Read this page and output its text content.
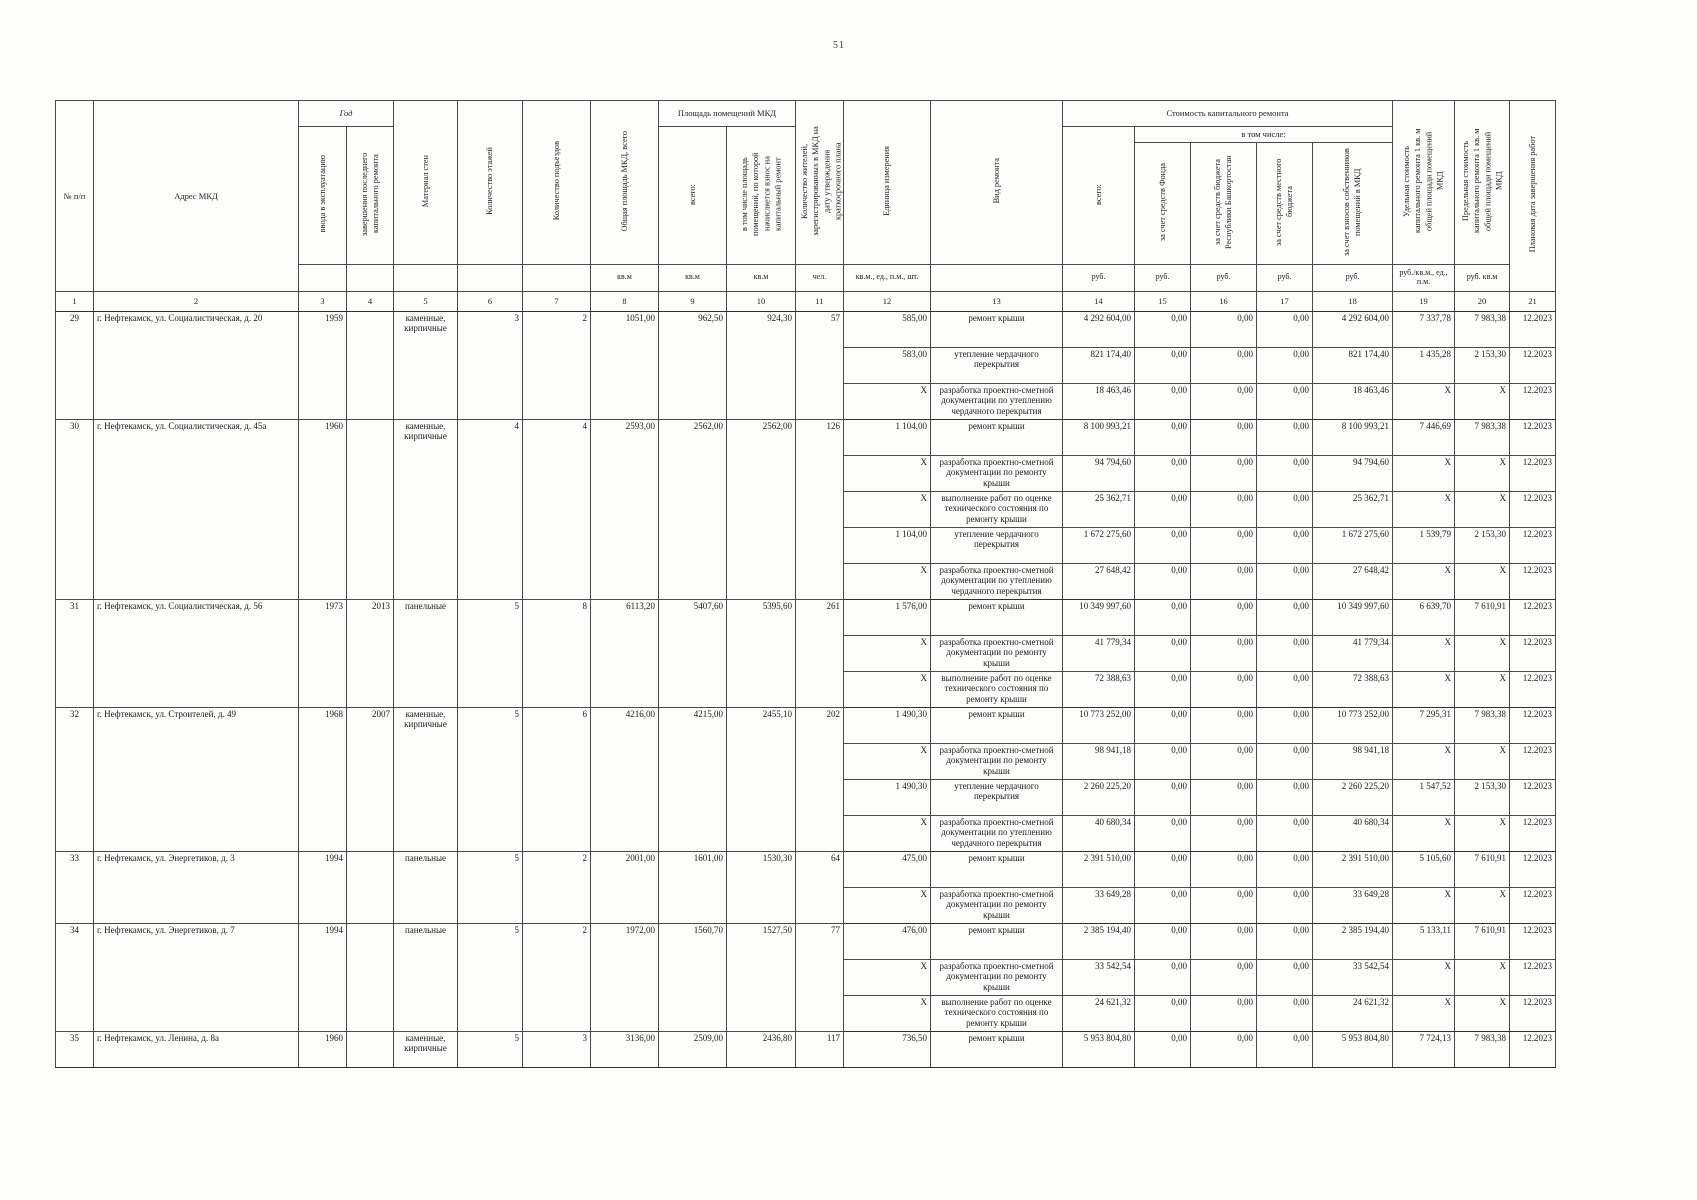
51
№ п/п	Адрес МКД	Год		Материал стен	Количество этажей	Количество подъездов	Общая площадь МКД, всего	Площадь помещений МКД		Количество жителей, зарегистрированных в МКД на дату утверждения краткосрочного плана	Единица измерения	Вид ремонта	Стоимость капитального ремонта					Удельная стоимость капитального ремонта 1 кв. м общей площади помещений МКД	Предельная стоимость капитального ремонта 1 кв. м общей площади помещений МКД	Плановая дата завершения работ
		ввода в эксплуатацию	завершения последнего капитального ремонта					всего:	в том числе площадь помещений, по которой начисляется взнос на капитальный ремонт				всего:	в том числе:						
														за счет средств Фонда	за счет средств бюджета Республики Башкортостан	за счет средств местного бюджета	за счет взносов собственников помещений в МКД			
							кв.м	кв.м	кв.м	чел.	кв.м., ед., п.м., шт.		руб.	руб.	руб.	руб.	руб.	руб./кв.м., ед., п.м.	руб. кв.м	
1	2	3	4	5	6	7	8	9	10	11	12	13	14	15	16	17	18	19	20	21
29	г. Нефтекамск, ул. Социалистическая, д. 20	1959		каменные, кирпичные	3	2	1051,00	962,50	924,30	57	585,00	ремонт крыши	4 292 604,00	0,00	0,00	0,00	4 292 604,00	7 337,78	7 983,38	12.2023
											583,00	утепление чердачного перекрытия	821 174,40	0,00	0,00	0,00	821 174,40	1 435,28	2 153,30	12.2023
											X	разработка проектно-сметной документации по утеплению чердачного перекрытия	18 463,46	0,00	0,00	0,00	18 463,46	X	X	12.2023
30	г. Нефтекамск, ул. Социалистическая, д. 45а	1960		каменные, кирпичные	4	4	2593,00	2562,00	2562,00	126	1 104,00	ремонт крыши	8 100 993,21	0,00	0,00	0,00	8 100 993,21	7 446,69	7 983,38	12.2023
											X	разработка проектно-сметной документации по ремонту крыши	94 794,60	0,00	0,00	0,00	94 794,60	X	X	12.2023
											X	выполнение работ по оценке технического состояния по ремонту крыши	25 362,71	0,00	0,00	0,00	25 362,71	X	X	12.2023
											1 104,00	утепление чердачного перекрытия	1 672 275,60	0,00	0,00	0,00	1 672 275,60	1 539,79	2 153,30	12.2023
											X	разработка проектно-сметной документации по утеплению чердачного перекрытия	27 648,42	0,00	0,00	0,00	27 648,42	X	X	12.2023
31	г. Нефтекамск, ул. Социалистическая, д. 56	1973	2013	панельные	5	8	6113,20	5407,60	5395,60	261	1 576,00	ремонт крыши	10 349 997,60	0,00	0,00	0,00	10 349 997,60	6 639,70	7 610,91	12.2023
											X	разработка проектно-сметной документации по ремонту крыши	41 779,34	0,00	0,00	0,00	41 779,34	X	X	12.2023
											X	выполнение работ по оценке технического состояния по ремонту крыши	72 388,63	0,00	0,00	0,00	72 388,63	X	X	12.2023
32	г. Нефтекамск, ул. Строителей, д. 49	1968	2007	каменные, кирпичные	5	6	4216,00	4215,00	2455,10	202	1 490,30	ремонт крыши	10 773 252,00	0,00	0,00	0,00	10 773 252,00	7 295,31	7 983,38	12.2023
											X	разработка проектно-сметной документации по ремонту крыши	98 941,18	0,00	0,00	0,00	98 941,18	X	X	12.2023
											1 490,30	утепление чердачного перекрытия	2 260 225,20	0,00	0,00	0,00	2 260 225,20	1 547,52	2 153,30	12.2023
											X	разработка проектно-сметной документации по утеплению чердачного перекрытия	40 680,34	0,00	0,00	0,00	40 680,34	X	X	12.2023
33	г. Нефтекамск, ул. Энергетиков, д. 3	1994		панельные	5	2	2001,00	1601,00	1530,30	64	475,00	ремонт крыши	2 391 510,00	0,00	0,00	0,00	2 391 510,00	5 105,60	7 610,91	12.2023
											X	разработка проектно-сметной документации по ремонту крыши	33 649,28	0,00	0,00	0,00	33 649,28	X	X	12.2023
34	г. Нефтекамск, ул. Энергетиков, д. 7	1994		панельные	5	2	1972,00	1560,70	1527,50	77	476,00	ремонт крыши	2 385 194,40	0,00	0,00	0,00	2 385 194,40	5 133,11	7 610,91	12.2023
											X	разработка проектно-сметной документации по ремонту крыши	33 542,54	0,00	0,00	0,00	33 542,54	X	X	12.2023
											X	выполнение работ по оценке технического состояния по ремонту крыши	24 621,32	0,00	0,00	0,00	24 621,32	X	X	12.2023
35	г. Нефтекамск, ул. Ленина, д. 8а	1960		каменные, кирпичные	5	3	3136,00	2509,00	2436,80	117	736,50	ремонт крыши	5 953 804,80	0,00	0,00	0,00	5 953 804,80	7 724,13	7 983,38	12.2023
